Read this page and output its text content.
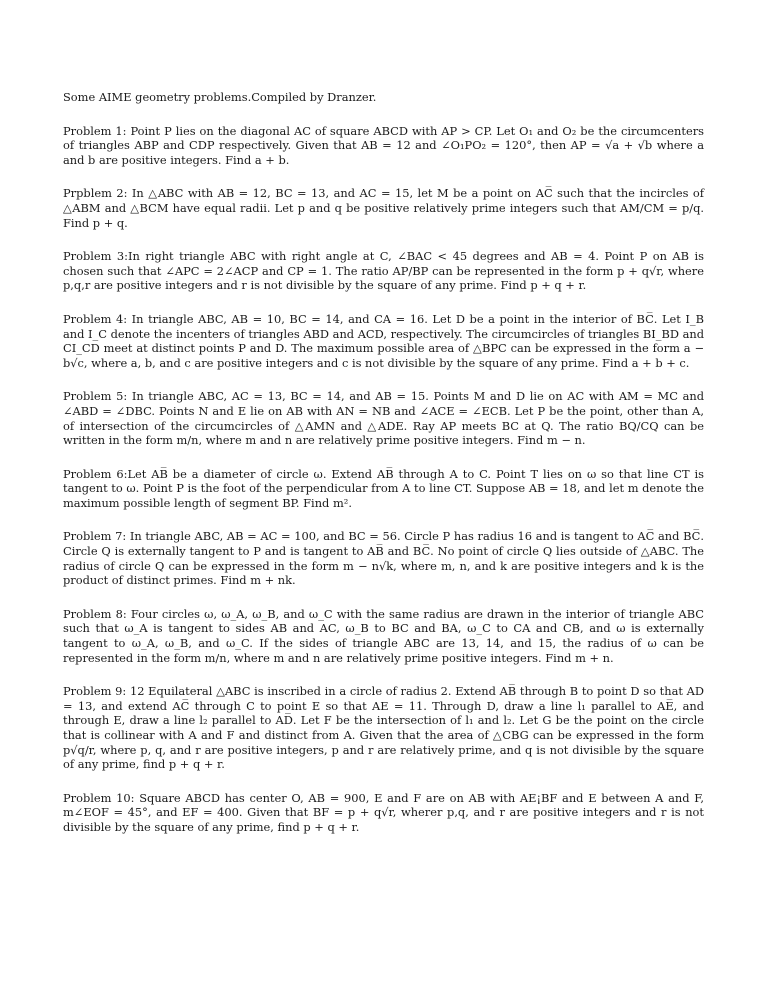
Some AIME geometry problems.Compiled by Dranzer.

Problem 1: Point P lies on the diagonal AC of square ABCD with AP > CP. Let O₁ and O₂ be the circumcenters of triangles ABP and CDP respectively. Given that AB = 12 and ∠O₁PO₂ = 120°, then AP = √a + √b where a and b are positive integers. Find a + b.

Prpblem 2: In △ABC with AB = 12, BC = 13, and AC = 15, let M be a point on AC̅ such that the incircles of △ABM and △BCM have equal radii. Let p and q be positive relatively prime integers such that AM/CM = p/q. Find p + q.

Problem 3:In right triangle ABC with right angle at C, ∠BAC < 45 degrees and AB = 4. Point P on AB is chosen such that ∠APC = 2∠ACP and CP = 1. The ratio AP/BP can be represented in the form p + q√r, where p,q,r are positive integers and r is not divisible by the square of any prime. Find p + q + r.

Problem 4: In triangle ABC, AB = 10, BC = 14, and CA = 16. Let D be a point in the interior of BC̅. Let I_B and I_C denote the incenters of triangles ABD and ACD, respectively. The circumcircles of triangles BI_BD and CI_CD meet at distinct points P and D. The maximum possible area of △BPC can be expressed in the form a − b√c, where a, b, and c are positive integers and c is not divisible by the square of any prime. Find a + b + c.

Problem 5: In triangle ABC, AC = 13, BC = 14, and AB = 15. Points M and D lie on AC with AM = MC and ∠ABD = ∠DBC. Points N and E lie on AB with AN = NB and ∠ACE = ∠ECB. Let P be the point, other than A, of intersection of the circumcircles of △AMN and △ADE. Ray AP meets BC at Q. The ratio BQ/CQ can be written in the form m/n, where m and n are relatively prime positive integers. Find m − n.

Problem 6:Let AB̅ be a diameter of circle ω. Extend AB̅ through A to C. Point T lies on ω so that line CT is tangent to ω. Point P is the foot of the perpendicular from A to line CT. Suppose AB = 18, and let m denote the maximum possible length of segment BP. Find m².

Problem 7: In triangle ABC, AB = AC = 100, and BC = 56. Circle P has radius 16 and is tangent to AC̅ and BC̅. Circle Q is externally tangent to P and is tangent to AB̅ and BC̅. No point of circle Q lies outside of △ABC. The radius of circle Q can be expressed in the form m − n√k, where m, n, and k are positive integers and k is the product of distinct primes. Find m + nk.

Problem 8: Four circles ω, ω_A, ω_B, and ω_C with the same radius are drawn in the interior of triangle ABC such that ω_A is tangent to sides AB and AC, ω_B to BC and BA, ω_C to CA and CB, and ω is externally tangent to ω_A, ω_B, and ω_C. If the sides of triangle ABC are 13, 14, and 15, the radius of ω can be represented in the form m/n, where m and n are relatively prime positive integers. Find m + n.

Problem 9: 12 Equilateral △ABC is inscribed in a circle of radius 2. Extend AB̅ through B to point D so that AD = 13, and extend AC̅ through C to point E so that AE = 11. Through D, draw a line l₁ parallel to AE̅, and through E, draw a line l₂ parallel to AD̅. Let F be the intersection of l₁ and l₂. Let G be the point on the circle that is collinear with A and F and distinct from A. Given that the area of △CBG can be expressed in the form p√q/r, where p, q, and r are positive integers, p and r are relatively prime, and q is not divisible by the square of any prime, find p + q + r.

Problem 10: Square ABCD has center O, AB = 900, E and F are on AB with AE¡BF and E between A and F, m∠EOF = 45°, and EF = 400. Given that BF = p + q√r, wherer p,q, and r are positive integers and r is not divisible by the square of any prime, find p + q + r.
